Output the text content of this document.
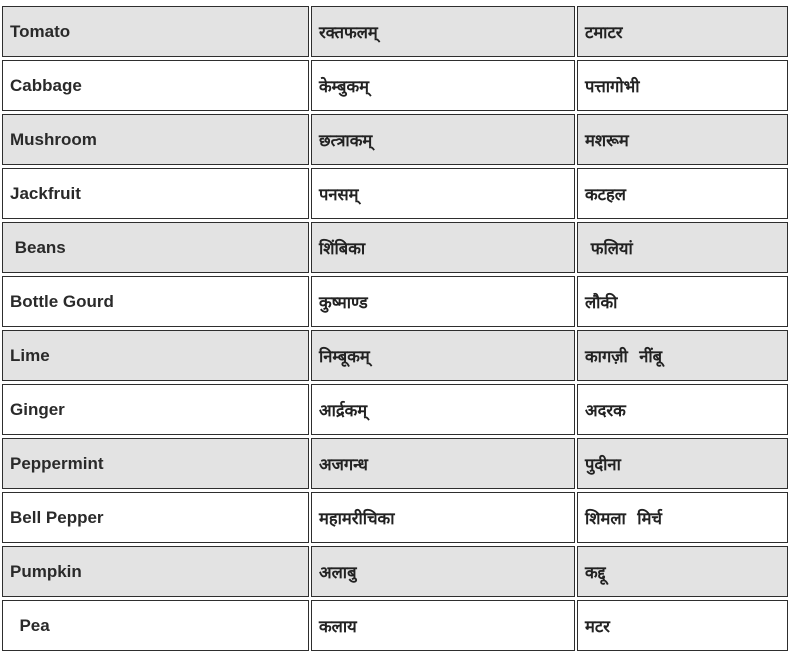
Tomato	रक्तफलम्	टमाटर
Cabbage	केम्बुकम्	पत्तागोभी
Mushroom	छत्त्राकम्	मशरूम
Jackfruit	पनसम्	कटहल
Beans	शिंबिका	फलियां
Bottle Gourd	कुष्माण्ड	लौकी
Lime	निम्बूकम्	कागज़ी  नींबू
Ginger	आर्द्रकम्	अदरक
Peppermint	अजगन्ध	पुदीना
Bell Pepper	महामरीचिका	शिमला  मिर्च
Pumpkin	अलाबु	कद्दू
Pea	कलाय	मटर
